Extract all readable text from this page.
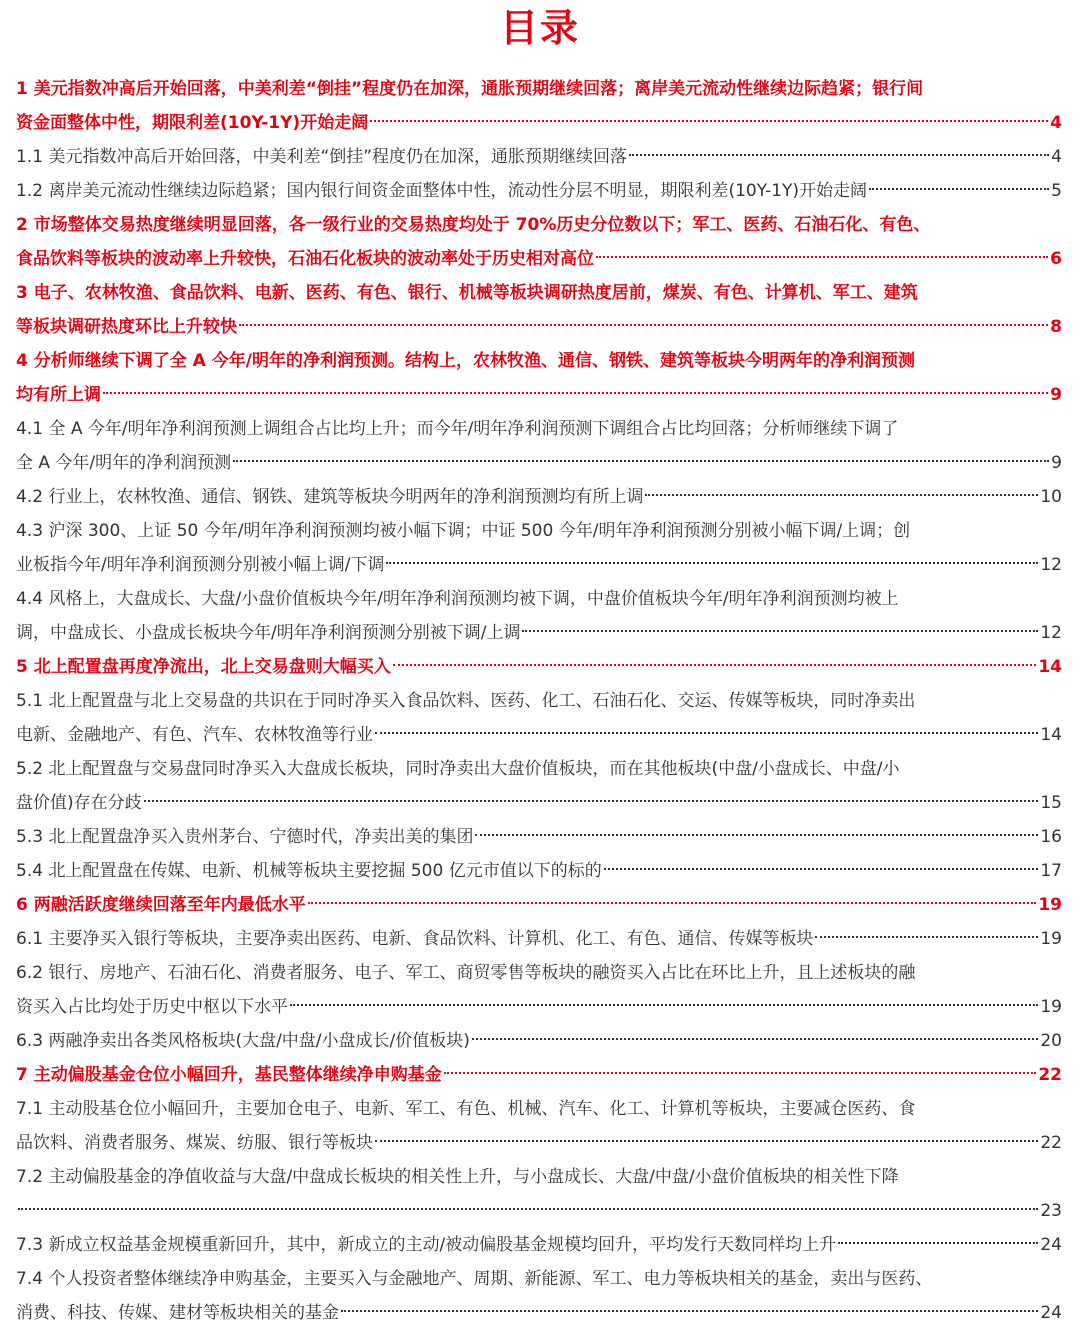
目录
1 美元指数冲高后开始回落，中美利差“倒挂”程度仍在加深，通胀预期继续回落；离岸美元流动性继续边际趋紧；银行间
资金面整体中性，期限利差(10Y-1Y)开始走阔	4
1.1 美元指数冲高后开始回落，中美利差“倒挂”程度仍在加深，通胀预期继续回落	4
1.2 离岸美元流动性继续边际趋紧；国内银行间资金面整体中性，流动性分层不明显，期限利差(10Y-1Y)开始走阔	5
2 市场整体交易热度继续明显回落，各一级行业的交易热度均处于 70%历史分位数以下；军工、医药、石油石化、有色、
食品饮料等板块的波动率上升较快，石油石化板块的波动率处于历史相对高位	6
3 电子、农林牧渔、食品饮料、电新、医药、有色、银行、机械等板块调研热度居前，煤炭、有色、计算机、军工、建筑
等板块调研热度环比上升较快	8
4 分析师继续下调了全 A 今年/明年的净利润预测。结构上，农林牧渔、通信、钢铁、建筑等板块今明两年的净利润预测
均有所上调	9
4.1 全 A 今年/明年净利润预测上调组合占比均上升；而今年/明年净利润预测下调组合占比均回落；分析师继续下调了
全 A 今年/明年的净利润预测	9
4.2 行业上，农林牧渔、通信、钢铁、建筑等板块今明两年的净利润预测均有所上调	10
4.3 沪深 300、上证 50 今年/明年净利润预测均被小幅下调；中证 500 今年/明年净利润预测分别被小幅下调/上调；创
业板指今年/明年净利润预测分别被小幅上调/下调	12
4.4 风格上，大盘成长、大盘/小盘价值板块今年/明年净利润预测均被下调，中盘价值板块今年/明年净利润预测均被上
调，中盘成长、小盘成长板块今年/明年净利润预测分别被下调/上调	12
5 北上配置盘再度净流出，北上交易盘则大幅买入	14
5.1 北上配置盘与北上交易盘的共识在于同时净买入食品饮料、医药、化工、石油石化、交运、传媒等板块，同时净卖出
电新、金融地产、有色、汽车、农林牧渔等行业	14
5.2 北上配置盘与交易盘同时净买入大盘成长板块，同时净卖出大盘价值板块，而在其他板块(中盘/小盘成长、中盘/小
盘价值)存在分歧	15
5.3 北上配置盘净买入贵州茅台、宁德时代，净卖出美的集团	16
5.4 北上配置盘在传媒、电新、机械等板块主要挖掘 500 亿元市值以下的标的	17
6 两融活跃度继续回落至年内最低水平	19
6.1 主要净买入银行等板块，主要净卖出医药、电新、食品饮料、计算机、化工、有色、通信、传媒等板块	19
6.2 银行、房地产、石油石化、消费者服务、电子、军工、商贸零售等板块的融资买入占比在环比上升，且上述板块的融
资买入占比均处于历史中枢以下水平	19
6.3 两融净卖出各类风格板块(大盘/中盘/小盘成长/价值板块)	20
7 主动偏股基金仓位小幅回升，基民整体继续净申购基金	22
7.1 主动股基仓位小幅回升，主要加仓电子、电新、军工、有色、机械、汽车、化工、计算机等板块，主要减仓医药、食
品饮料、消费者服务、煤炭、纺服、银行等板块	22
7.2 主动偏股基金的净值收益与大盘/中盘成长板块的相关性上升，与小盘成长、大盘/中盘/小盘价值板块的相关性下降
23
7.3 新成立权益基金规模重新回升，其中，新成立的主动/被动偏股基金规模均回升，平均发行天数同样均上升	24
7.4 个人投资者整体继续净申购基金，主要买入与金融地产、周期、新能源、军工、电力等板块相关的基金，卖出与医药、
消费、科技、传媒、建材等板块相关的基金	24
